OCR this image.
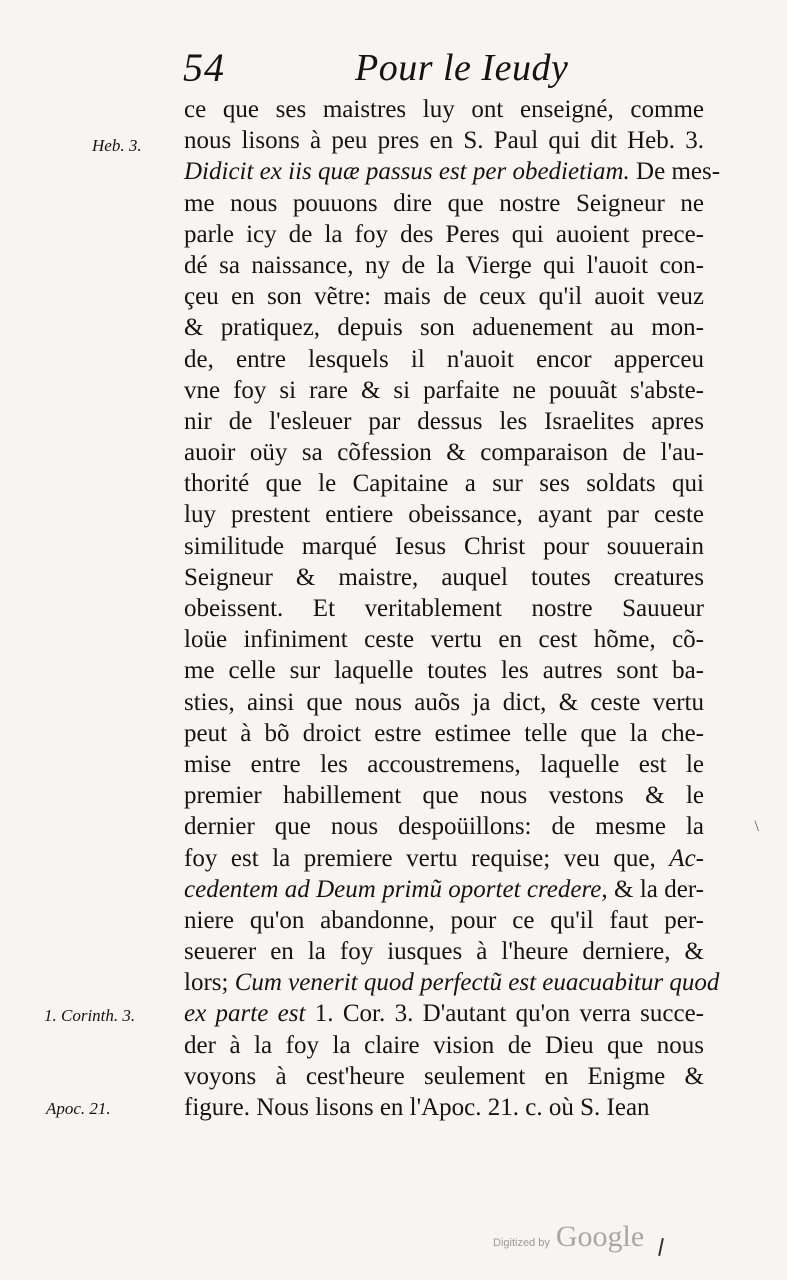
54	Pour le Ieudy
Heb. 3.
1. Corinth. 3.
Apoc. 21.
ce que ses maistres luy ont enseigné, comme
nous lisons à peu pres en S. Paul qui dit Heb. 3.
Didicit ex iis quæ passus est per obedietiam. De mes-
me nous pouuons dire que nostre Seigneur ne
parle icy de la foy des Peres qui auoient prece-
dé sa naissance, ny de la Vierge qui l'auoit con-
çeu en son vẽtre: mais de ceux qu'il auoit veuz
& pratiquez, depuis son aduenement au mon-
de, entre lesquels il n'auoit encor apperceu
vne foy si rare & si parfaite ne pouuãt s'abste-
nir de l'esleuer par dessus les Israelites apres
auoir oüy sa cõfession & comparaison de l'au-
thorité que le Capitaine a sur ses soldats qui
luy prestent entiere obeissance, ayant par ceste
similitude marqué Iesus Christ pour souuerain
Seigneur & maistre, auquel toutes creatures
obeissent. Et veritablement nostre Sauueur
loüe infiniment ceste vertu en cest hõme, cõ-
me celle sur laquelle toutes les autres sont ba-
sties, ainsi que nous auõs ja dict, & ceste vertu
peut à bõ droict estre estimee telle que la che-
mise entre les accoustremens, laquelle est le
premier habillement que nous vestons & le
dernier que nous despoüillons: de mesme la
foy est la premiere vertu requise; veu que, Ac-
cedentem ad Deum primũ oportet credere, & la der-
niere qu'on abandonne, pour ce qu'il faut per-
seuerer en la foy iusques à l'heure derniere, &
lors; Cum venerit quod perfectũ est euacuabitur quod
ex parte est 1. Cor. 3. D'autant qu'on verra succe-
der à la foy la claire vision de Dieu que nous
voyons à cest'heure seulement en Enigme &
figure. Nous lisons en l'Apoc. 21. c. où S. Iean
\
Digitized by Google
